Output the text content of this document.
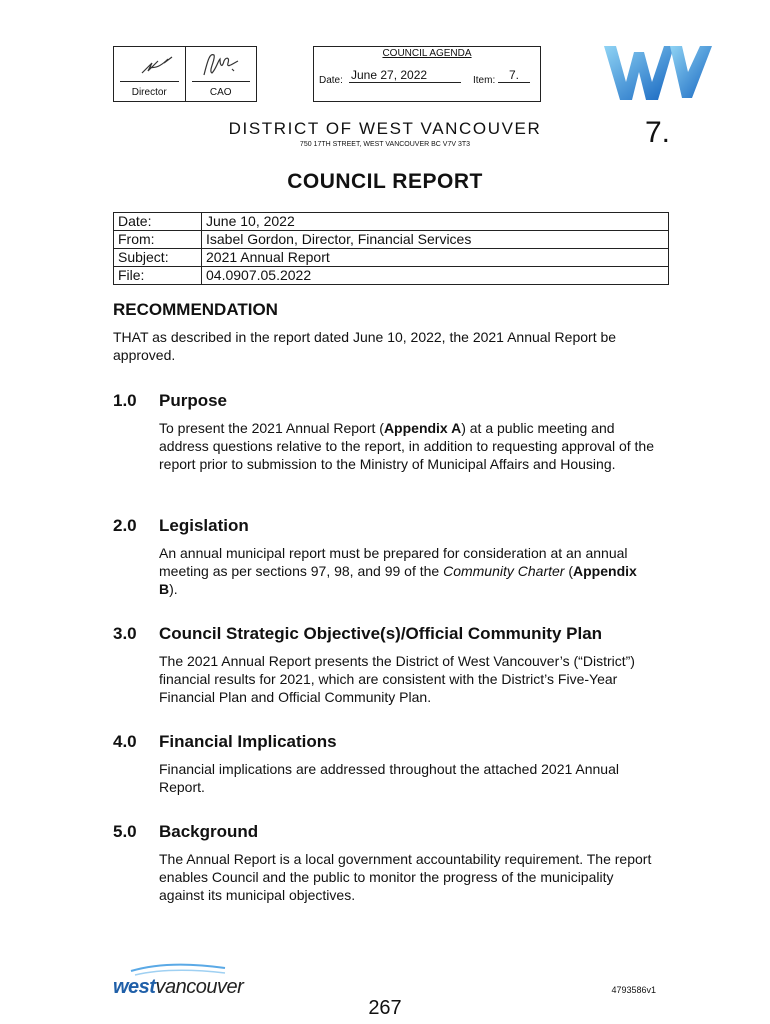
Director	CAO
COUNCIL AGENDA
Date: June 27, 2022	Item:	7.
DISTRICT OF WEST VANCOUVER
750 17TH STREET, WEST VANCOUVER BC V7V 3T3	7.
COUNCIL REPORT
Date:	June 10, 2022
From:	Isabel Gordon, Director, Financial Services
Subject:	2021 Annual Report
File:	04.0907.05.2022
RECOMMENDATION
THAT as described in the report dated June 10, 2022, the 2021 Annual Report be approved.
1.0 Purpose
To present the 2021 Annual Report (Appendix A) at a public meeting and address questions relative to the report, in addition to requesting approval of the report prior to submission to the Ministry of Municipal Affairs and Housing.
2.0 Legislation
An annual municipal report must be prepared for consideration at an annual meeting as per sections 97, 98, and 99 of the Community Charter (Appendix B).
3.0 Council Strategic Objective(s)/Official Community Plan
The 2021 Annual Report presents the District of West Vancouver’s (“District”) financial results for 2021, which are consistent with the District’s Five-Year Financial Plan and Official Community Plan.
4.0 Financial Implications
Financial implications are addressed throughout the attached 2021 Annual Report.
5.0 Background
The Annual Report is a local government accountability requirement. The report enables Council and the public to monitor the progress of the municipality against its municipal objectives.
westvancouver	4793586v1
267
